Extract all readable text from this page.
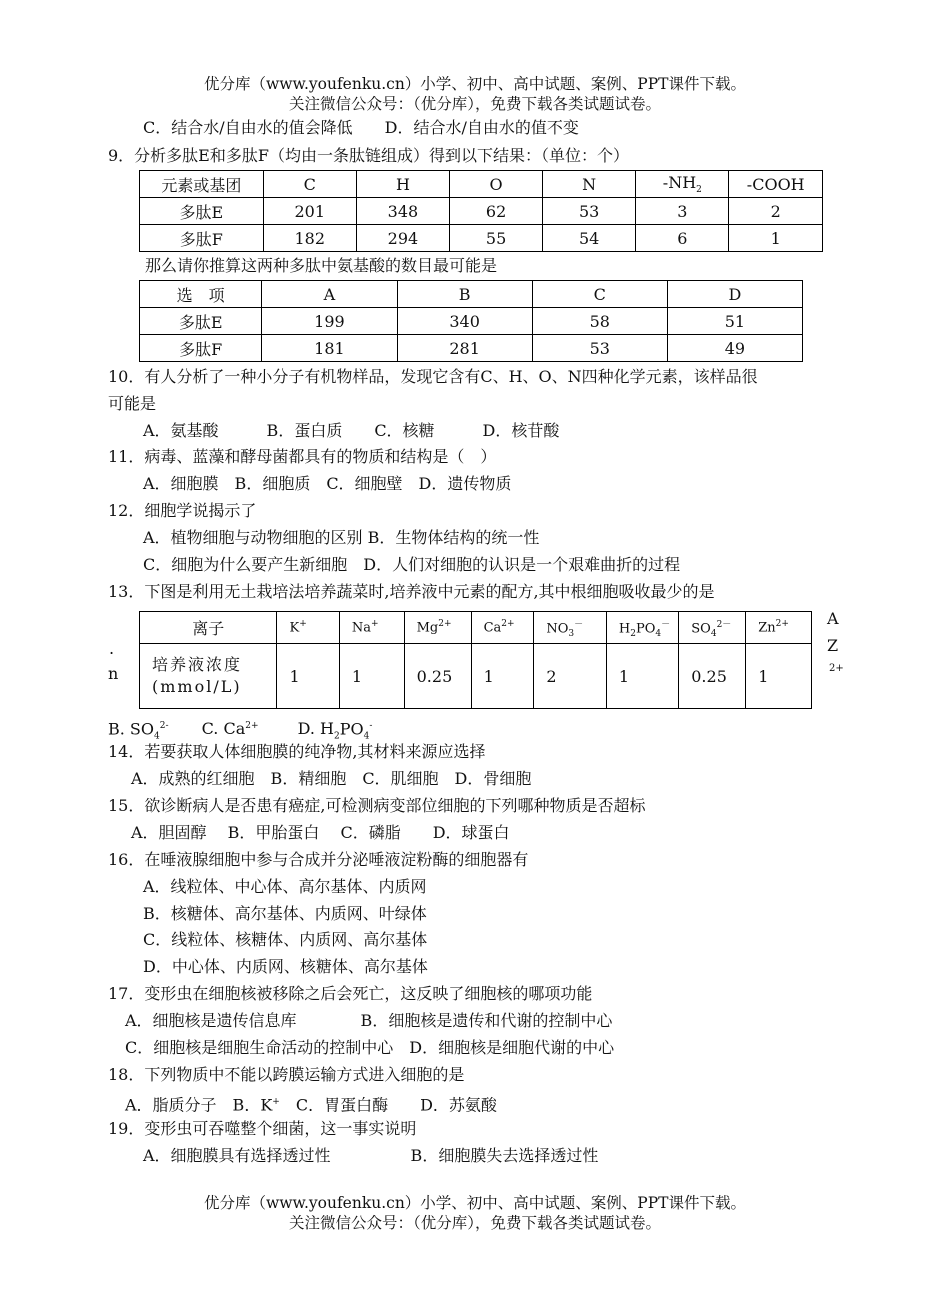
优分库（www.youfenku.cn）小学、初中、高中试题、案例、PPT课件下载。
关注微信公众号：（优分库），免费下载各类试题试卷。
C．结合水/自由水的值会降低　　D．结合水/自由水的值不变
9．分析多肽E和多肽F（均由一条肽链组成）得到以下结果：（单位：个）
元素或基团	C	H	O	N	$-NH_2$	-COOH
多肽E	201	348	62	53	3	2
多肽F	182	294	55	54	6	1
那么请你推算这两种多肽中氨基酸的数目最可能是
选　项	A	B	C	D
多肽E	199	340	58	51
多肽F	181	281	53	49
10．有人分析了一种小分子有机物样品，发现它含有C、H、O、N四种化学元素，该样品很
可能是
A．氨基酸　　　B．蛋白质　　C．核糖　　　D．核苷酸
11．病毒、蓝藻和酵母菌都具有的物质和结构是（　）
A．细胞膜　B．细胞质　C．细胞壁　D．遗传物质
12．细胞学说揭示了
A．植物细胞与动物细胞的区别 B．生物体结构的统一性
C．细胞为什么要产生新细胞　D．人们对细胞的认识是一个艰难曲折的过程
13．下图是利用无土栽培法培养蔬菜时,培养液中元素的配方,其中根细胞吸收最少的是
离子	K+	Na+	$Mg^{2+}$	$Ca^{2+}$	$NO_3^-$	$H_2PO_4^-$	$SO_4^{2-}$	$Zn^{2+}$
培养液浓度(mmol/L)	1	1	0.25	1	2	1	0.25	1
A
Z
2+
.
n
B. $SO_4^{2-}$ C. $Ca^{2+}$ D. $H_2PO_4^-$
14．若要获取人体细胞膜的纯净物,其材料来源应选择
A．成熟的红细胞　B．精细胞　C．肌细胞　D．骨细胞
15．欲诊断病人是否患有癌症,可检测病变部位细胞的下列哪种物质是否超标
A．胆固醇　 B．甲胎蛋白　 C．磷脂　　D．球蛋白
16．在唾液腺细胞中参与合成并分泌唾液淀粉酶的细胞器有
A．线粒体、中心体、高尔基体、内质网
B．核糖体、高尔基体、内质网、叶绿体
C．线粒体、核糖体、内质网、高尔基体
D．中心体、内质网、核糖体、高尔基体
17．变形虫在细胞核被移除之后会死亡，这反映了细胞核的哪项功能
A．细胞核是遗传信息库　　　　B．细胞核是遗传和代谢的控制中心
C．细胞核是细胞生命活动的控制中心　D．细胞核是细胞代谢的中心
18．下列物质中不能以跨膜运输方式进入细胞的是
A．脂质分子　B．K+　C．胃蛋白酶　　D．苏氨酸
19．变形虫可吞噬整个细菌，这一事实说明
A．细胞膜具有选择透过性　　　　　B．细胞膜失去选择透过性
优分库（www.youfenku.cn）小学、初中、高中试题、案例、PPT课件下载。
关注微信公众号：（优分库），免费下载各类试题试卷。
